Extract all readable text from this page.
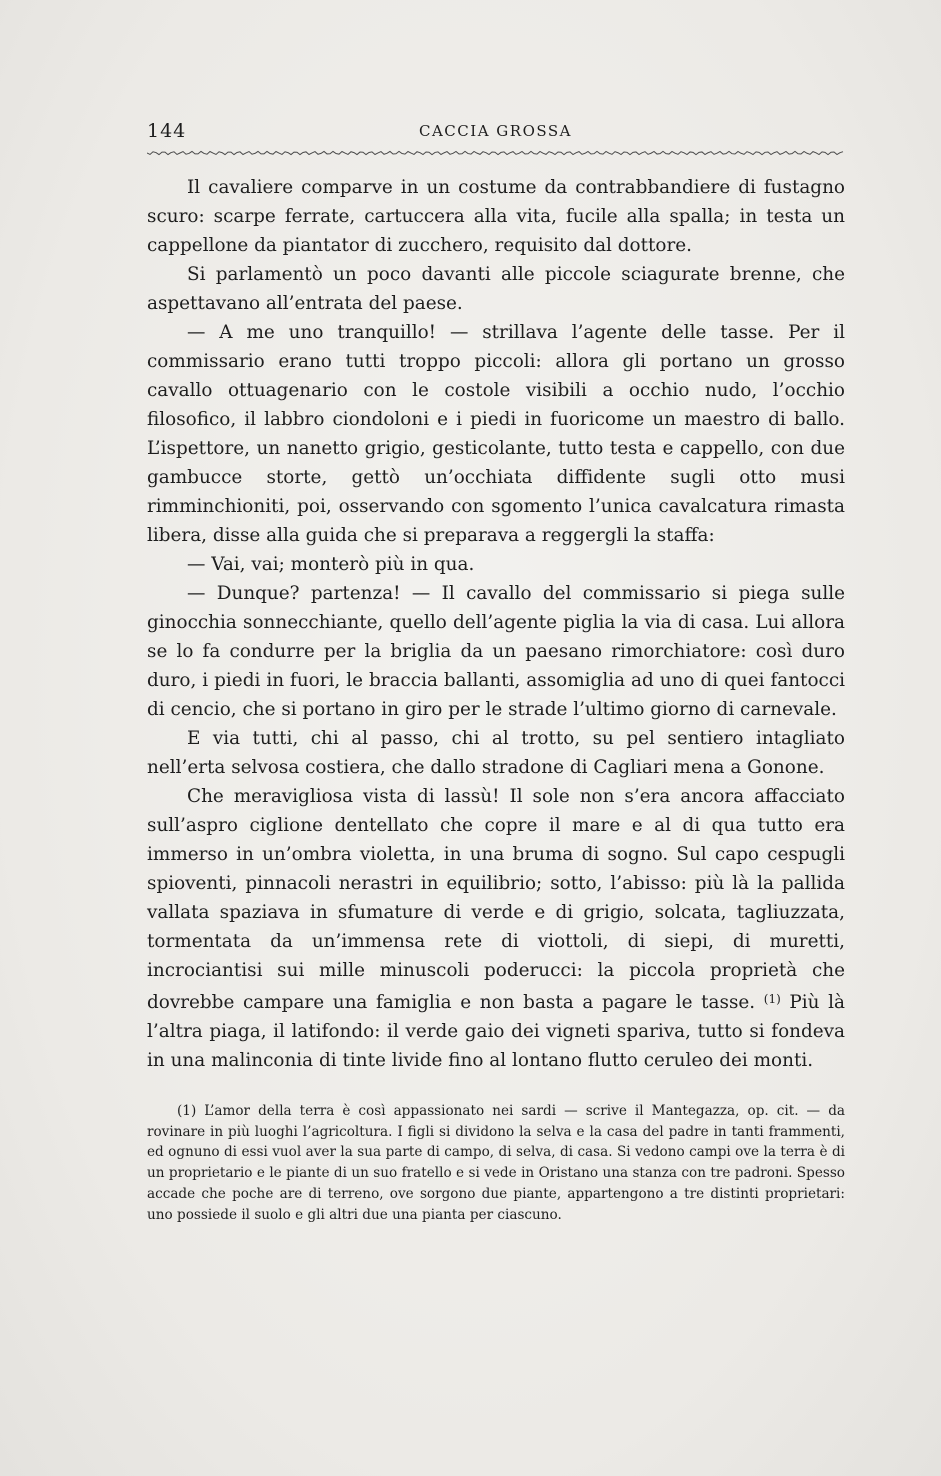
144	CACCIA GROSSA

Il cavaliere comparve in un costume da contrabbandiere di fustagno scuro: scarpe ferrate, cartuccera alla vita, fucile alla spalla; in testa un cappellone da piantator di zucchero, requisito dal dottore.

Si parlamentò un poco davanti alle piccole sciagurate brenne, che aspettavano all’entrata del paese.

— A me uno tranquillo! — strillava l’agente delle tasse. Per il commissario erano tutti troppo piccoli: allora gli portano un grosso cavallo ottuagenario con le costole visibili a occhio nudo, l’occhio filosofico, il labbro ciondoloni e i piedi in fuoricome un maestro di ballo. L’ispettore, un nanetto grigio, gesticolante, tutto testa e cappello, con due gambucce storte, gettò un’occhiata diffidente sugli otto musi rimminchioniti, poi, osservando con sgomento l’unica cavalcatura rimasta libera, disse alla guida che si preparava a reggergli la staffa:

— Vai, vai; monterò più in qua.

— Dunque? partenza! — Il cavallo del commissario si piega sulle ginocchia sonnecchiante, quello dell’agente piglia la via di casa. Lui allora se lo fa condurre per la briglia da un paesano rimorchiatore: così duro duro, i piedi in fuori, le braccia ballanti, assomiglia ad uno di quei fantocci di cencio, che si portano in giro per le strade l’ultimo giorno di carnevale.

E via tutti, chi al passo, chi al trotto, su pel sentiero intagliato nell’erta selvosa costiera, che dallo stradone di Cagliari mena a Gonone.

Che meravigliosa vista di lassù! Il sole non s’era ancora affacciato sull’aspro ciglione dentellato che copre il mare e al di qua tutto era immerso in un’ombra violetta, in una bruma di sogno. Sul capo cespugli spioventi, pinnacoli nerastri in equilibrio; sotto, l’abisso: più là la pallida vallata spaziava in sfumature di verde e di grigio, solcata, tagliuzzata, tormentata da un’immensa rete di viottoli, di siepi, di muretti, incrociantisi sui mille minuscoli poderucci: la piccola proprietà che dovrebbe campare una famiglia e non basta a pagare le tasse. $^{(1)}$ Più là l’altra piaga, il latifondo: il verde gaio dei vigneti spariva, tutto si fondeva in una malinconia di tinte livide fino al lontano flutto ceruleo dei monti.

(1) L’amor della terra è così appassionato nei sardi — scrive il Mantegazza, op. cit. — da rovinare in più luoghi l’agricoltura. I figli si dividono la selva e la casa del padre in tanti frammenti, ed ognuno di essi vuol aver la sua parte di campo, di selva, di casa. Si vedono campi ove la terra è di un proprietario e le piante di un suo fratello e si vede in Oristano una stanza con tre padroni. Spesso accade che poche are di terreno, ove sorgono due piante, appartengono a tre distinti proprietari: uno possiede il suolo e gli altri due una pianta per ciascuno.
